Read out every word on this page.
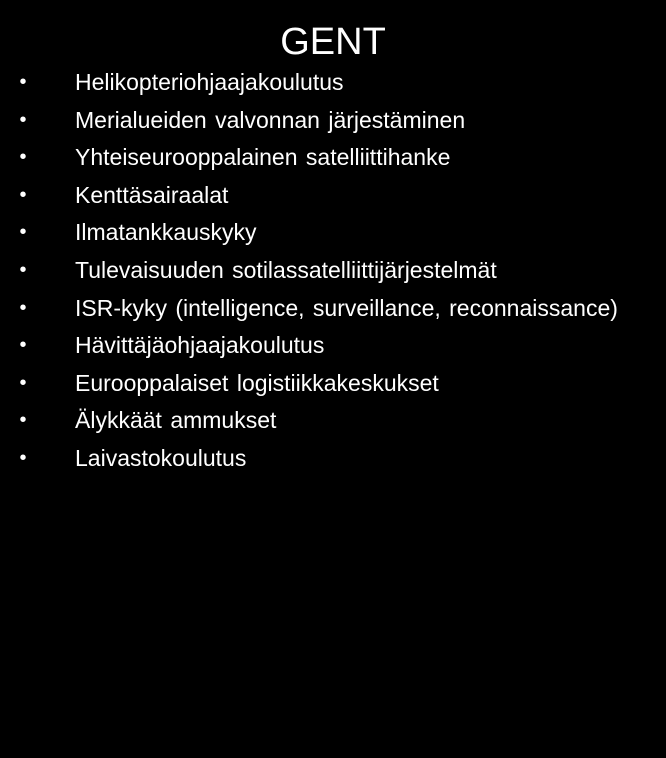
GENT
• Helikopteriohjaajakoulutus
• Merialueiden valvonnan järjestäminen
• Yhteiseurooppalainen satelliittihanke
• Kenttäsairaalat
• Ilmatankkauskyky
• Tulevaisuuden sotilassatelliittijärjestelmät
• ISR-kyky (intelligence, surveillance, reconnaissance)
• Hävittäjäohjaajakoulutus
• Eurooppalaiset logistiikkakeskukset
• Älykkäät ammukset
• Laivastokoulutus
